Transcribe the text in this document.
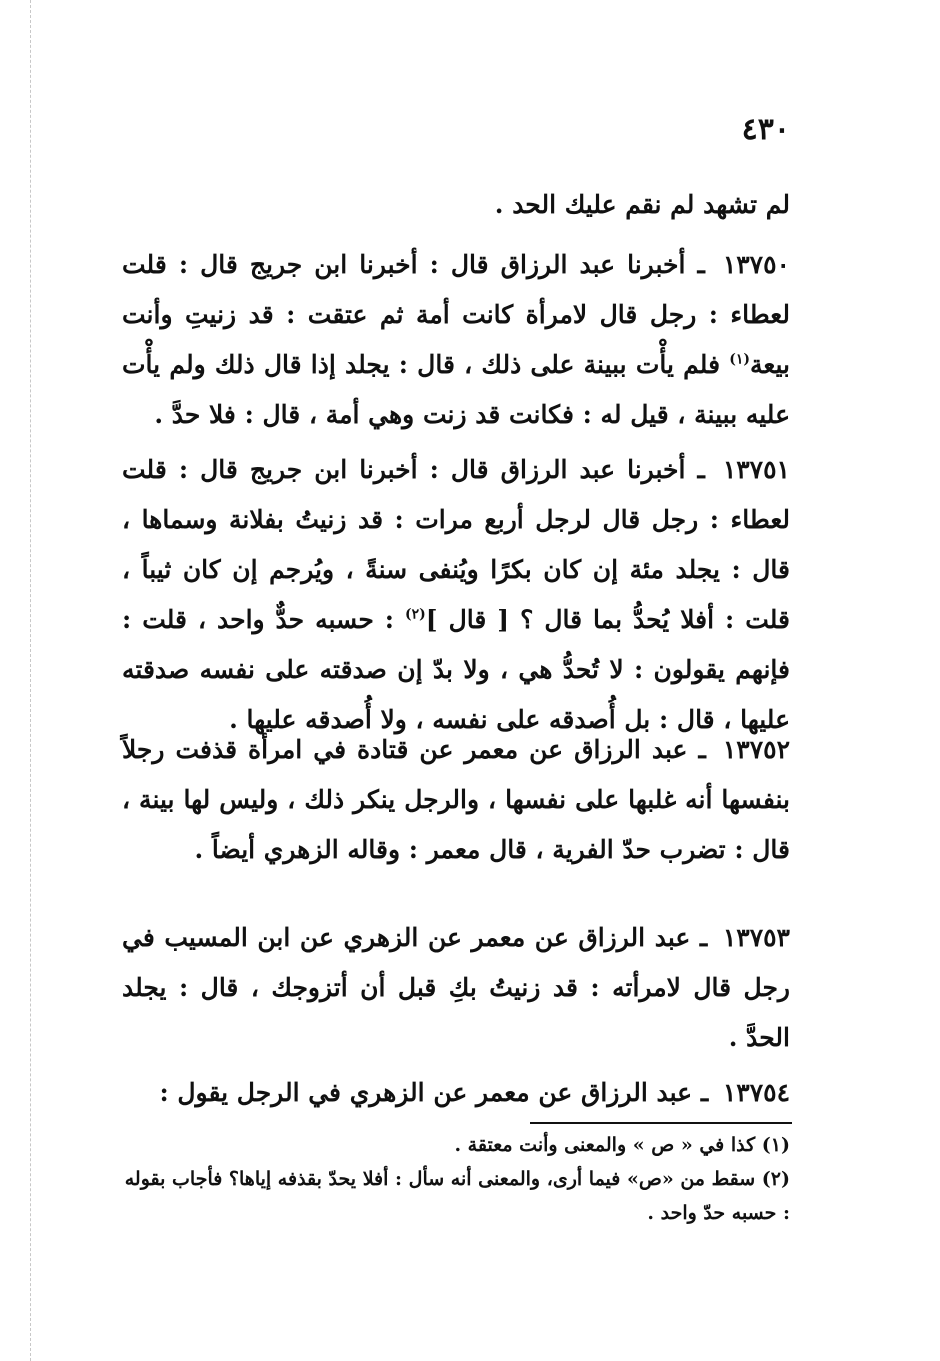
٤٣٠
لم تشهد لم نقم عليك الحد .
١٣٧٥٠ ـ أخبرنا عبد الرزاق قال : أخبرنا ابن جريج قال : قلت لعطاء : رجل قال لامرأة كانت أمة ثم عتقت : قد زنيتِ وأنت بيعة$^{(١)}$ فلم يأْت ببينة على ذلك ، قال : يجلد إذا قال ذلك ولم يأْت عليه ببينة ، قيل له : فكانت قد زنت وهي أمة ، قال : فلا حدَّ .
١٣٧٥١ ـ أخبرنا عبد الرزاق قال : أخبرنا ابن جريج قال : قلت لعطاء : رجل قال لرجل أربع مرات : قد زنيتُ بفلانة وسماها ، قال : يجلد مئة إن كان بكرًا ويُنفى سنةً ، ويُرجم إن كان ثيباً ، قلت : أفلا يُحدُّ بما قال ؟ [ قال ]$^{(٢)}$ : حسبه حدٌّ واحد ، قلت : فإنهم يقولون : لا تُحدُّ هي ، ولا بدّ إن صدقته على نفسه صدقته عليها ، قال : بل أُصدقه على نفسه ، ولا أُصدقه عليها .
١٣٧٥٢ ـ عبد الرزاق عن معمر عن قتادة في امرأة قذفت رجلاً بنفسها أنه غلبها على نفسها ، والرجل ينكر ذلك ، وليس لها بينة ، قال : تضرب حدّ الفرية ، قال معمر : وقاله الزهري أيضاً .
١٣٧٥٣ ـ عبد الرزاق عن معمر عن الزهري عن ابن المسيب في رجل قال لامرأته : قد زنيتُ بكِ قبل أن أتزوجك ، قال : يجلد الحدَّ .
١٣٧٥٤ ـ عبد الرزاق عن معمر عن الزهري في الرجل يقول :
(١) كذا في « ص » والمعنى وأنت معتقة .
(٢) سقط من «ص» فيما أرى، والمعنى أنه سأل : أفلا يحدّ بقذفه إياها؟ فأجاب بقوله : حسبه حدّ واحد .
